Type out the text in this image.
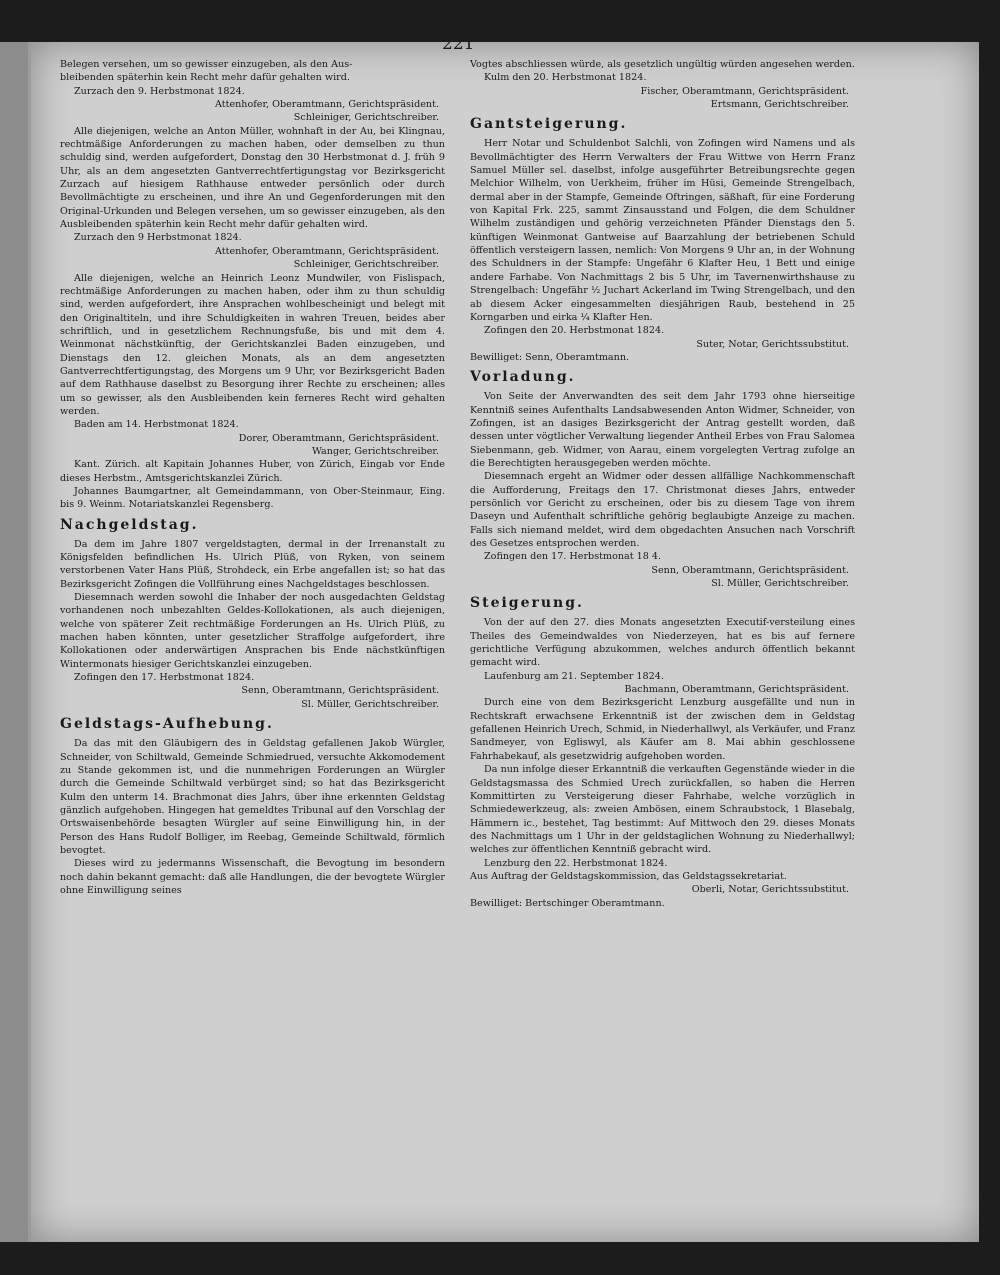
221

Belegen versehen, um so gewisser einzugeben, als den Aus-

bleibenden späterhin kein Recht mehr dafür gehalten wird.

Zurzach den 9. Herbstmonat 1824.

Attenhofer, Oberamtmann, Gerichtspräsident.

Schleiniger, Gerichtschreiber.

Alle diejenigen, welche an Anton Müller, wohnhaft in der Au, bei Klingnau, rechtmäßige Anforderungen zu machen haben, oder demselben zu thun schuldig sind, werden aufgefordert, Donstag den 30 Herbstmonat d. J. früh 9 Uhr, als an dem angesetzten Gantverrechtfertigungstag vor Bezirksgericht Zurzach auf hiesigem Rathhause entweder persönlich oder durch Bevollmächtigte zu erscheinen, und ihre An und Gegenforderungen mit den Original-Urkunden und Belegen versehen, um so gewisser einzugeben, als den Ausbleibenden späterhin kein Recht mehr dafür gehalten wird.

Zurzach den 9 Herbstmonat 1824.

Attenhofer, Oberamtmann, Gerichtspräsident.

Schleiniger, Gerichtschreiber.

Alle diejenigen, welche an Heinrich Leonz Mundwiler, von Fislispach, rechtmäßige Anforderungen zu machen haben, oder ihm zu thun schuldig sind, werden aufgefordert, ihre Ansprachen wohlbescheinigt und belegt mit den Originaltiteln, und ihre Schuldigkeiten in wahren Treuen, beides aber schriftlich, und in gesetzlichem Rechnungsfuße, bis und mit dem 4. Weinmonat nächstkünftig, der Gerichtskanzlei Baden einzugeben, und Dienstags den 12. gleichen Monats, als an dem angesetzten Gantverrechtfertigungstag, des Morgens um 9 Uhr, vor Bezirksgericht Baden auf dem Rathhause daselbst zu Besorgung ihrer Rechte zu erscheinen; alles um so gewisser, als den Ausbleibenden kein ferneres Recht wird gehalten werden.

Baden am 14. Herbstmonat 1824.

Dorer, Oberamtmann, Gerichtspräsident.

Wanger, Gerichtschreiber.

Kant. Zürich. alt Kapitain Johannes Huber, von Zürich, Eingab vor Ende dieses Herbstm., Amtsgerichtskanzlei Zürich.

Johannes Baumgartner, alt Gemeindammann, von Ober-Steinmaur, Eing. bis 9. Weinm. Notariatskanzlei Regensberg.

Nachgeldstag.

Da dem im Jahre 1807 vergeldstagten, dermal in der Irrenanstalt zu Königsfelden befindlichen Hs. Ulrich Plüß, von Ryken, von seinem verstorbenen Vater Hans Plüß, Strohdeck, ein Erbe angefallen ist; so hat das Bezirksgericht Zofingen die Vollführung eines Nachgeldstages beschlossen.

Diesemnach werden sowohl die Inhaber der noch ausgedachten Geldstag vorhandenen noch unbezahlten Geldes-Kollokationen, als auch diejenigen, welche von späterer Zeit rechtmäßige Forderungen an Hs. Ulrich Plüß, zu machen haben könnten, unter gesetzlicher Straffolge aufgefordert, ihre Kollokationen oder anderwärtigen Ansprachen bis Ende nächstkünftigen Wintermonats hiesiger Gerichtskanzlei einzugeben.

Zofingen den 17. Herbstmonat 1824.

Senn, Oberamtmann, Gerichtspräsident.

Sl. Müller, Gerichtschreiber.

Geldstags-Aufhebung.

Da das mit den Gläubigern des in Geldstag gefallenen Jakob Würgler, Schneider, von Schiltwald, Gemeinde Schmiedrued, versuchte Akkomodement zu Stande gekommen ist, und die nunmehrigen Forderungen an Würgler durch die Gemeinde Schiltwald verbürget sind; so hat das Bezirksgericht Kulm den unterm 14. Brachmonat dies Jahrs, über ihne erkennten Geldstag gänzlich aufgehoben. Hingegen hat gemeldtes Tribunal auf den Vorschlag der Ortswaisenbehörde besagten Würgler auf seine Einwilligung hin, in der Person des Hans Rudolf Bolliger, im Reebag, Gemeinde Schiltwald, förmlich bevogtet.

Dieses wird zu jedermanns Wissenschaft, die Bevogtung im besondern noch dahin bekannt gemacht: daß alle Handlungen, die der bevogtete Würgler ohne Einwilligung seines

Vogtes abschliessen würde, als gesetzlich ungültig würden angesehen werden.

Kulm den 20. Herbstmonat 1824.

Fischer, Oberamtmann, Gerichtspräsident.

Ertsmann, Gerichtschreiber.

Gantsteigerung.

Herr Notar und Schuldenbot Salchli, von Zofingen wird Namens und als Bevollmächtigter des Herrn Verwalters der Frau Wittwe von Herrn Franz Samuel Müller sel. daselbst, infolge ausgeführter Betreibungsrechte gegen Melchior Wilhelm, von Uerkheim, früher im Hüsi, Gemeinde Strengelbach, dermal aber in der Stampfe, Gemeinde Oftringen, säßhaft, für eine Forderung von Kapital Frk. 225, sammt Zinsausstand und Folgen, die dem Schuldner Wilhelm zuständigen und gehörig verzeichneten Pfänder Dienstags den 5. künftigen Weinmonat Gantweise auf Baarzahlung der betriebenen Schuld öffentlich versteigern lassen, nemlich: Von Morgens 9 Uhr an, in der Wohnung des Schuldners in der Stampfe: Ungefähr 6 Klafter Heu, 1 Bett und einige andere Farhabe. Von Nachmittags 2 bis 5 Uhr, im Tavernenwirthshause zu Strengelbach: Ungefähr ½ Juchart Ackerland im Twing Strengelbach, und den ab diesem Acker eingesammelten diesjährigen Raub, bestehend in 25 Korngarben und eirka ¼ Klafter Hen.

Zofingen den 20. Herbstmonat 1824.

Suter, Notar, Gerichtssubstitut.

Bewilliget: Senn, Oberamtmann.

Vorladung.

Von Seite der Anverwandten des seit dem Jahr 1793 ohne hierseitige Kenntniß seines Aufenthalts Landsabwesenden Anton Widmer, Schneider, von Zofingen, ist an dasiges Bezirksgericht der Antrag gestellt worden, daß dessen unter vögtlicher Verwaltung liegender Antheil Erbes von Frau Salomea Siebenmann, geb. Widmer, von Aarau, einem vorgelegten Vertrag zufolge an die Berechtigten herausgegeben werden möchte.

Diesemnach ergeht an Widmer oder dessen allfällige Nachkommenschaft die Aufforderung, Freitags den 17. Christmonat dieses Jahrs, entweder persönlich vor Gericht zu erscheinen, oder bis zu diesem Tage von ihrem Daseyn und Aufenthalt schriftliche gehörig beglaubigte Anzeige zu machen. Falls sich niemand meldet, wird dem obgedachten Ansuchen nach Vorschrift des Gesetzes entsprochen werden.

Zofingen den 17. Herbstmonat 18 4.

Senn, Oberamtmann, Gerichtspräsident.

Sl. Müller, Gerichtschreiber.

Steigerung.

Von der auf den 27. dies Monats angesetzten Executif-versteilung eines Theiles des Gemeindwaldes von Niederzeyen, hat es bis auf fernere gerichtliche Verfügung abzukommen, welches andurch öffentlich bekannt gemacht wird.

Laufenburg am 21. September 1824.

Bachmann, Oberamtmann, Gerichtspräsident.

Durch eine von dem Bezirksgericht Lenzburg ausgefällte und nun in Rechtskraft erwachsene Erkenntniß ist der zwischen dem in Geldstag gefallenen Heinrich Urech, Schmid, in Niederhallwyl, als Verkäufer, und Franz Sandmeyer, von Egliswyl, als Käufer am 8. Mai abhin geschlossene Fahrhabekauf, als gesetzwidrig aufgehoben worden.

Da nun infolge dieser Erkanntniß die verkauften Gegenstände wieder in die Geldstagsmassa des Schmied Urech zurückfallen, so haben die Herren Kommittirten zu Versteigerung dieser Fahrhabe, welche vorzüglich in Schmiedewerkzeug, als: zweien Ambösen, einem Schraubstock, 1 Blasebalg, Hämmern ic., bestehet, Tag bestimmt: Auf Mittwoch den 29. dieses Monats des Nachmittags um 1 Uhr in der geldstaglichen Wohnung zu Niederhallwyl; welches zur öffentlichen Kenntniß gebracht wird.

Lenzburg den 22. Herbstmonat 1824.

Aus Auftrag der Geldstagskommission, das Geldstagssekretariat.

Oberli, Notar, Gerichtssubstitut.

Bewilliget: Bertschinger Oberamtmann.
